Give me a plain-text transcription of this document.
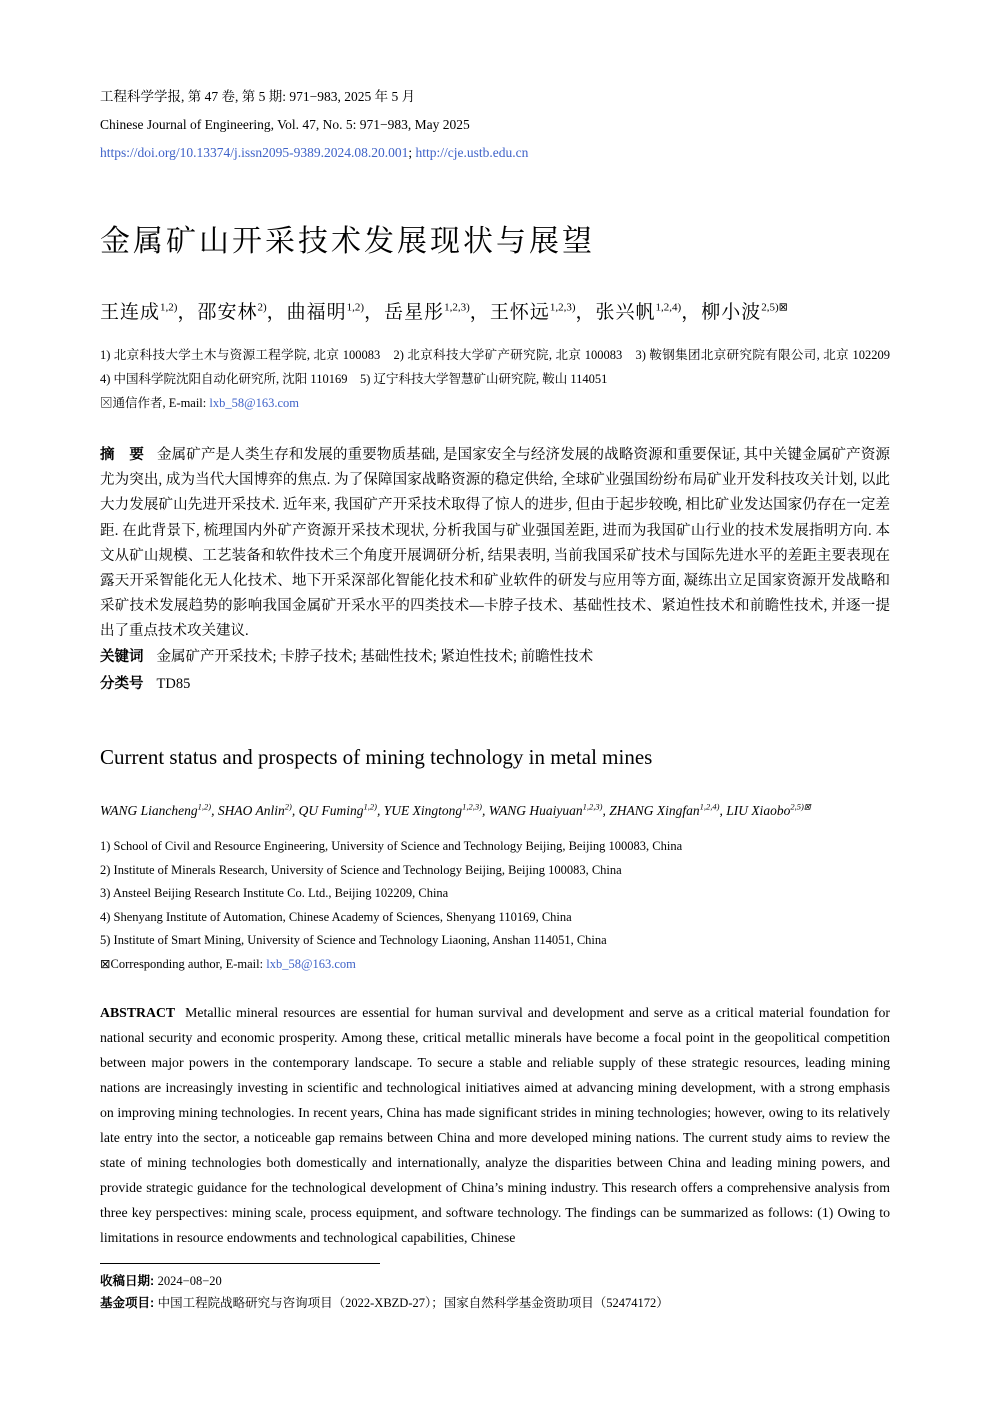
工程科学学报, 第 47 卷, 第 5 期: 971−983, 2025 年 5 月
Chinese Journal of Engineering, Vol. 47, No. 5: 971−983, May 2025
https://doi.org/10.13374/j.issn2095-9389.2024.08.20.001; http://cje.ustb.edu.cn
金属矿山开采技术发展现状与展望
王连成$^{1,2)}$，邵安林$^{2)}$，曲福明$^{1,2)}$，岳星彤$^{1,2,3)}$，王怀远$^{1,2,3)}$，张兴帆$^{1,2,4)}$，柳小波$^{2,5)⊠}$
1) 北京科技大学土木与资源工程学院, 北京 100083　2) 北京科技大学矿产研究院, 北京 100083　3) 鞍钢集团北京研究院有限公司, 北京 102209　4) 中国科学院沈阳自动化研究所, 沈阳 110169　5) 辽宁科技大学智慧矿山研究院, 鞍山 114051
⊠通信作者, E-mail: lxb_58@163.com

摘　要 金属矿产是人类生存和发展的重要物质基础, 是国家安全与经济发展的战略资源和重要保证, 其中关键金属矿产资源尤为突出, 成为当代大国博弈的焦点. 为了保障国家战略资源的稳定供给, 全球矿业强国纷纷布局矿业开发科技攻关计划, 以此大力发展矿山先进开采技术. 近年来, 我国矿产开采技术取得了惊人的进步, 但由于起步较晚, 相比矿业发达国家仍存在一定差距. 在此背景下, 梳理国内外矿产资源开采技术现状, 分析我国与矿业强国差距, 进而为我国矿山行业的技术发展指明方向. 本文从矿山规模、工艺装备和软件技术三个角度开展调研分析, 结果表明, 当前我国采矿技术与国际先进水平的差距主要表现在露天开采智能化无人化技术、地下开采深部化智能化技术和矿业软件的研发与应用等方面, 凝练出立足国家资源开发战略和采矿技术发展趋势的影响我国金属矿开采水平的四类技术—卡脖子技术、基础性技术、紧迫性技术和前瞻性技术, 并逐一提出了重点技术攻关建议.

关键词 金属矿产开采技术; 卡脖子技术; 基础性技术; 紧迫性技术; 前瞻性技术

分类号 TD85

Current status and prospects of mining technology in metal mines
WANG Liancheng$^{1,2)}$, SHAO Anlin$^{2)}$, QU Fuming$^{1,2)}$, YUE Xingtong$^{1,2,3)}$, WANG Huaiyuan$^{1,2,3)}$, ZHANG Xingfan$^{1,2,4)}$, LIU Xiaobo$^{2,5)⊠}$
1) School of Civil and Resource Engineering, University of Science and Technology Beijing, Beijing 100083, China
2) Institute of Minerals Research, University of Science and Technology Beijing, Beijing 100083, China
3) Ansteel Beijing Research Institute Co. Ltd., Beijing 102209, China
4) Shenyang Institute of Automation, Chinese Academy of Sciences, Shenyang 110169, China
5) Institute of Smart Mining, University of Science and Technology Liaoning, Anshan 114051, China
⊠Corresponding author, E-mail: lxb_58@163.com

ABSTRACT Metallic mineral resources are essential for human survival and development and serve as a critical material foundation for national security and economic prosperity. Among these, critical metallic minerals have become a focal point in the geopolitical competition between major powers in the contemporary landscape. To secure a stable and reliable supply of these strategic resources, leading mining nations are increasingly investing in scientific and technological initiatives aimed at advancing mining development, with a strong emphasis on improving mining technologies. In recent years, China has made significant strides in mining technologies; however, owing to its relatively late entry into the sector, a noticeable gap remains between China and more developed mining nations. The current study aims to review the state of mining technologies both domestically and internationally, analyze the disparities between China and leading mining powers, and provide strategic guidance for the technological development of China’s mining industry. This research offers a comprehensive analysis from three key perspectives: mining scale, process equipment, and software technology. The findings can be summarized as follows: (1) Owing to limitations in resource endowments and technological capabilities, Chinese

收稿日期: 2024−08−20
基金项目: 中国工程院战略研究与咨询项目（2022-XBZD-27）；国家自然科学基金资助项目（52474172）
